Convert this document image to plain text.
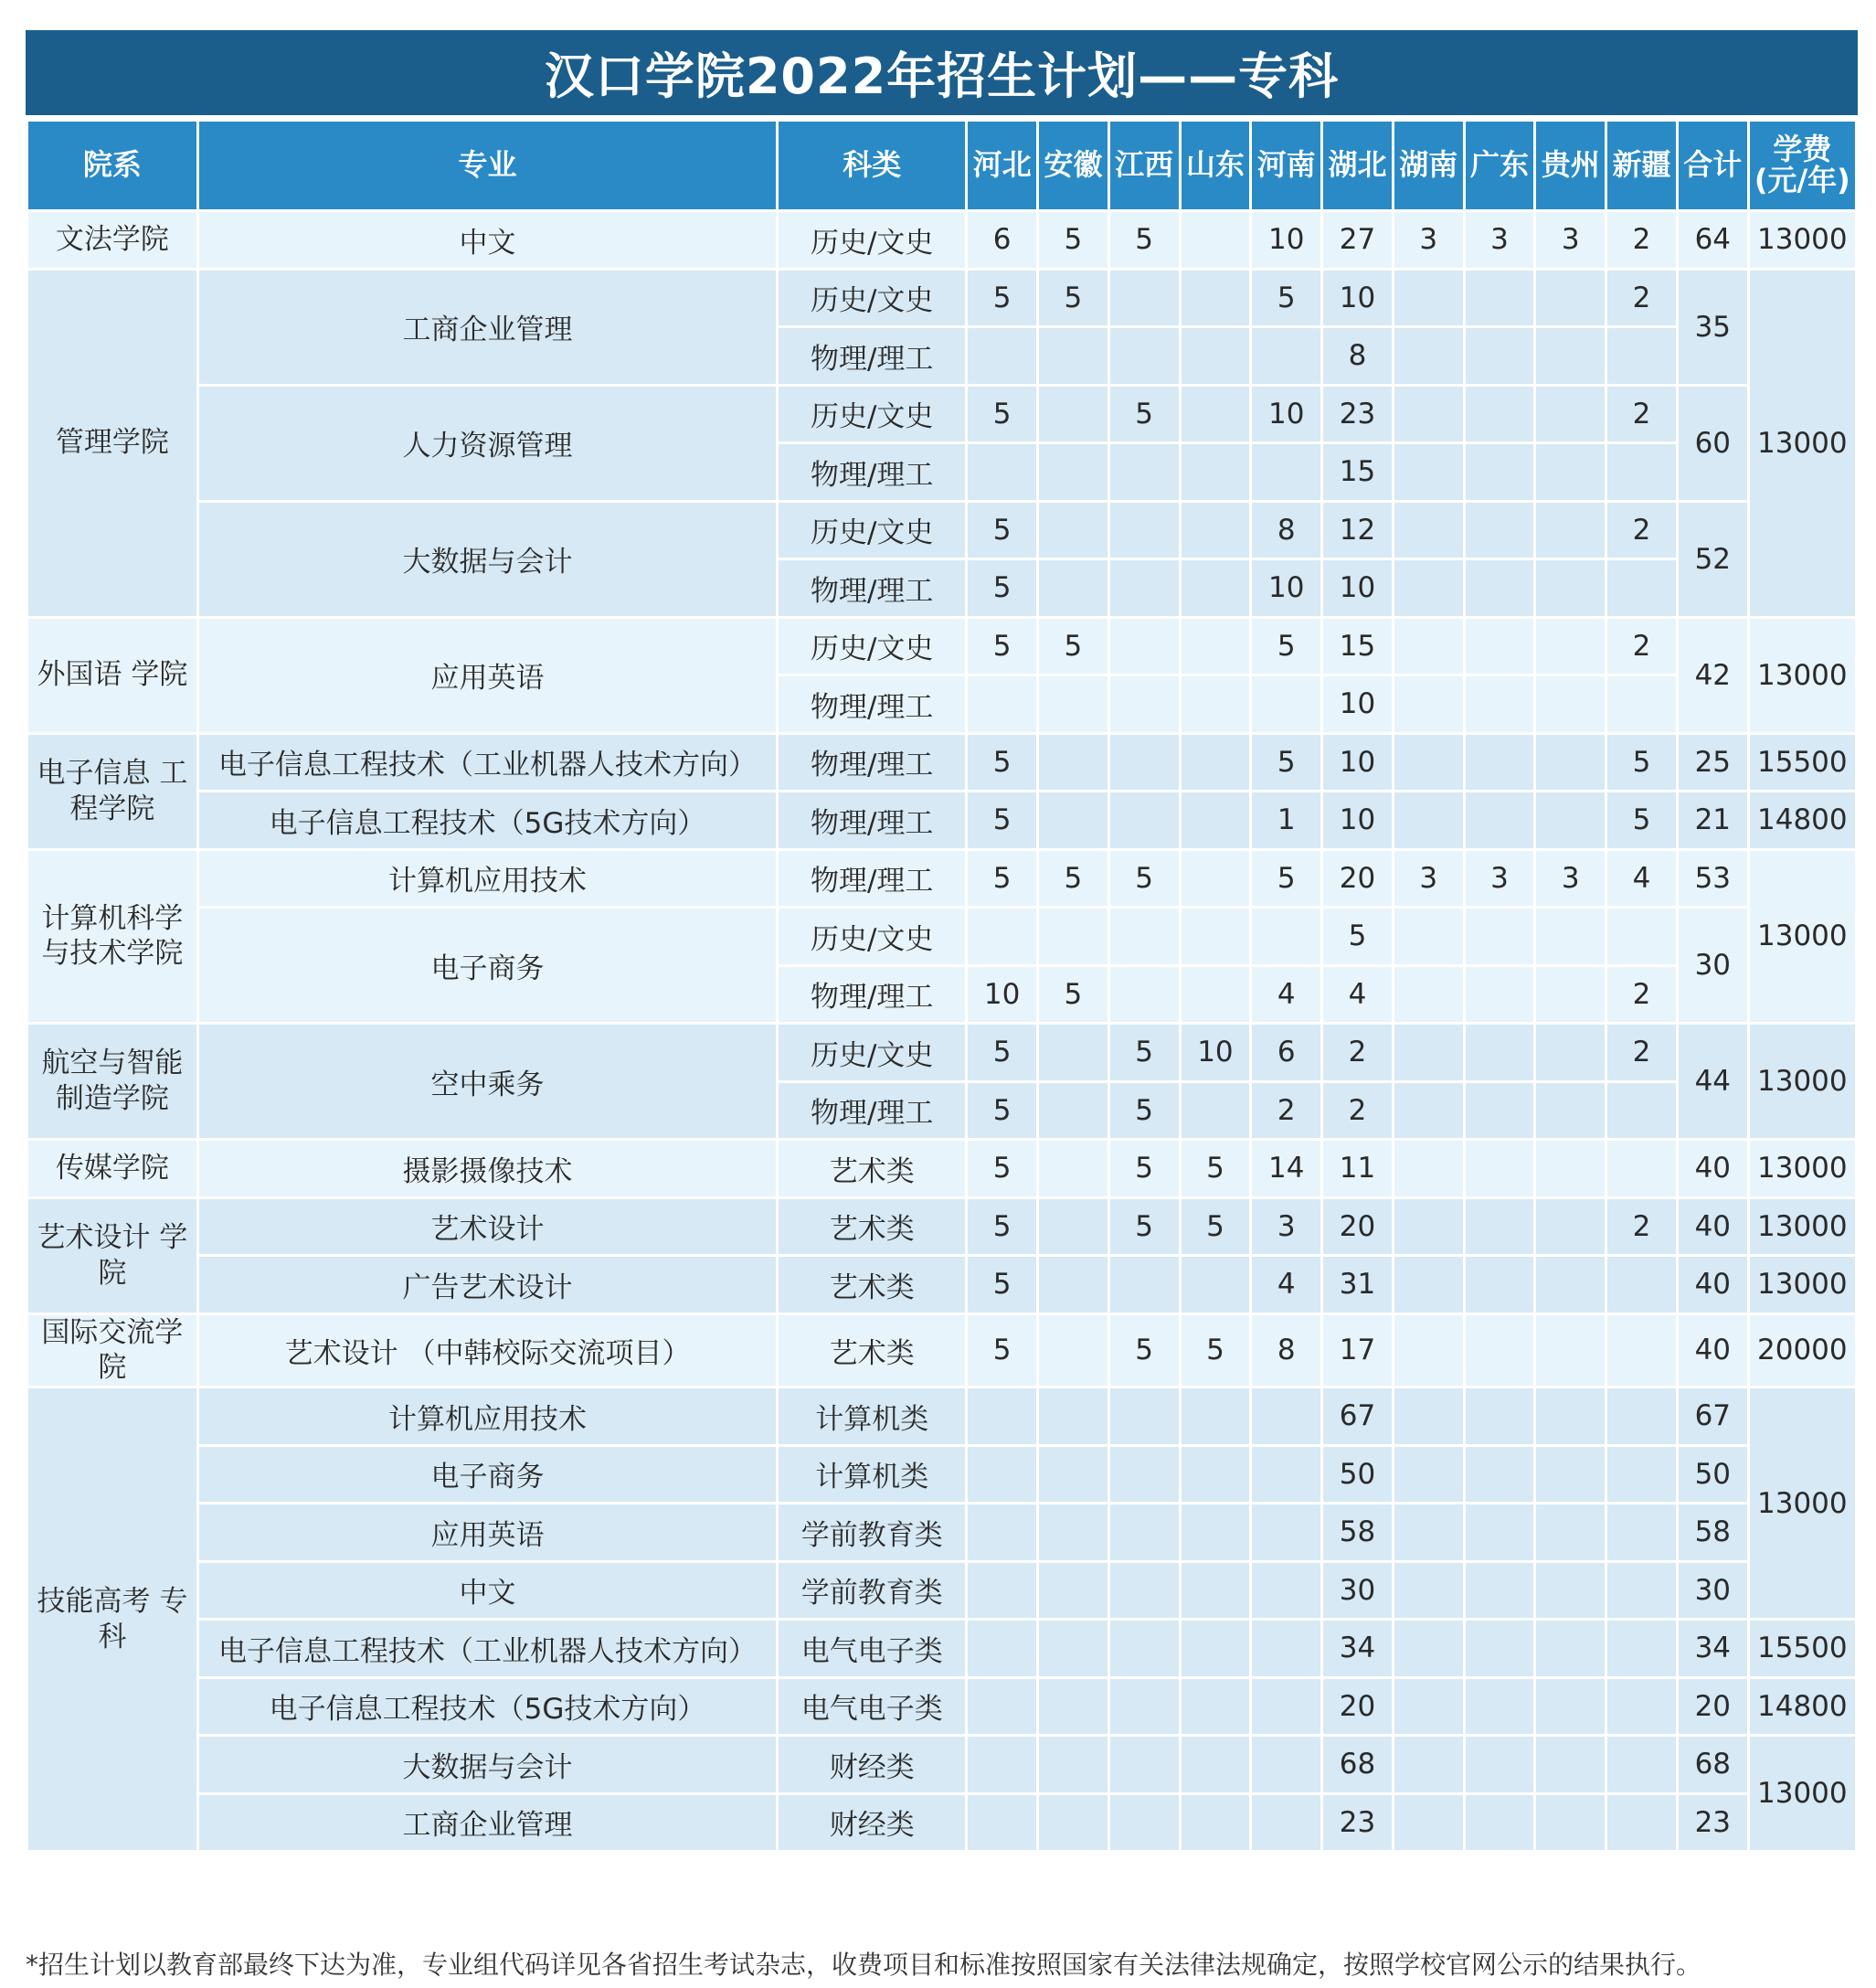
汉口学院2022年招生计划——专科
院系	专业	科类	河北	安徽	江西	山东	河南	湖北	湖南	广东	贵州	新疆	合计	学费 (元/年)
文法学院	中文	历史/文史	6	5	5		10	27	3	3	3	2	64	13000
管理学院	工商企业管理	历史/文史	5	5			5	10				2	35	13000
		物理/理工						8						
	人力资源管理	历史/文史	5		5		10	23				2	60	
		物理/理工						15						
	大数据与会计	历史/文史	5				8	12				2	52	
		物理/理工	5				10	10						
外国语 学院	应用英语	历史/文史	5	5			5	15				2	42	13000
		物理/理工						10						
电子信息 工程学院	电子信息工程技术（工业机器人技术方向）	物理/理工	5				5	10				5	25	15500
	电子信息工程技术（5G技术方向）	物理/理工	5				1	10				5	21	14800
计算机科学 与技术学院	计算机应用技术	物理/理工	5	5	5		5	20	3	3	3	4	53	13000
	电子商务	历史/文史						5					30	
		物理/理工	10	5			4	4				2		
航空与智能 制造学院	空中乘务	历史/文史	5		5	10	6	2				2	44	13000
		物理/理工	5		5		2	2						
传媒学院	摄影摄像技术	艺术类	5		5	5	14	11					40	13000
艺术设计 学院	艺术设计	艺术类	5		5	5	3	20				2	40	13000
	广告艺术设计	艺术类	5				4	31					40	13000
国际交流学院	艺术设计 （中韩校际交流项目）	艺术类	5		5	5	8	17					40	20000
技能高考 专科	计算机应用技术	计算机类						67					67	13000
	电子商务	计算机类						50					50	
	应用英语	学前教育类						58					58	
	中文	学前教育类						30					30	
	电子信息工程技术（工业机器人技术方向）	电气电子类						34					34	15500
	电子信息工程技术（5G技术方向）	电气电子类						20					20	14800
	大数据与会计	财经类						68					68	13000
	工商企业管理	财经类						23					23	
*招生计划以教育部最终下达为准，专业组代码详见各省招生考试杂志，收费项目和标准按照国家有关法律法规确定，按照学校官网公示的结果执行。
